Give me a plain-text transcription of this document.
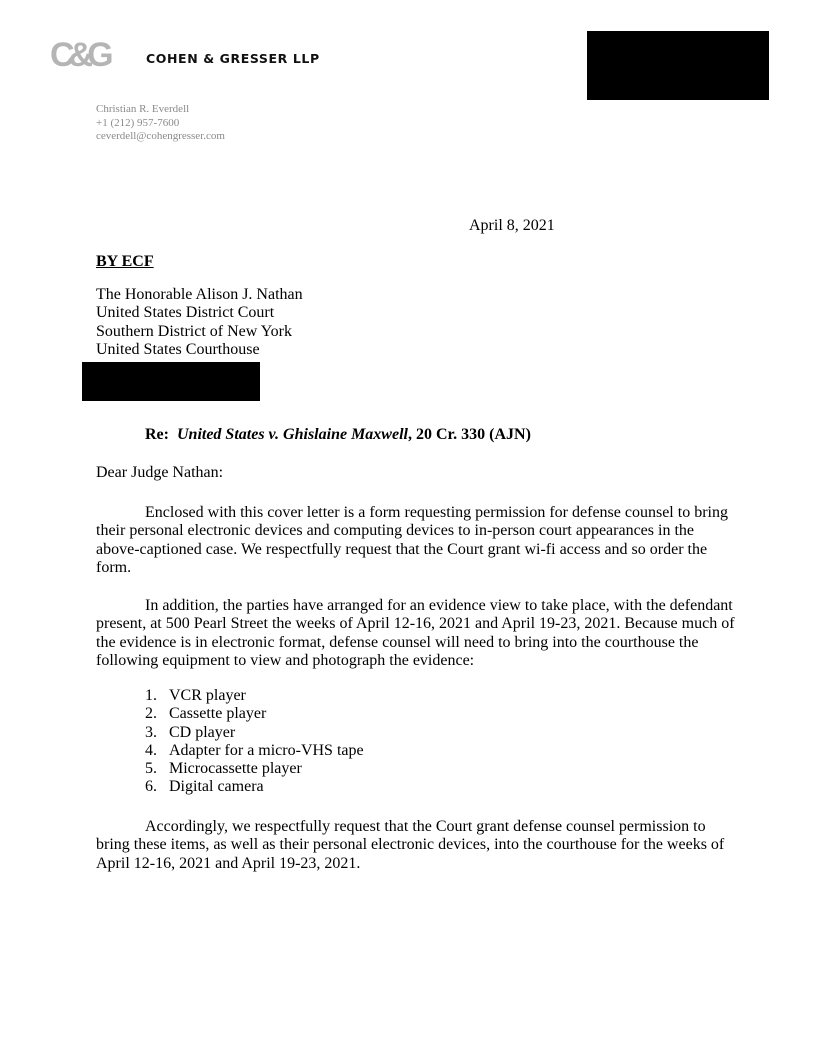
C&G	COHEN & GRESSER LLP
Christian R. Everdell
+1 (212) 957-7600
ceverdell@cohengresser.com
April 8, 2021
BY ECF
The Honorable Alison J. Nathan
United States District Court
Southern District of New York
United States Courthouse
Re: United States v. Ghislaine Maxwell, 20 Cr. 330 (AJN)
Dear Judge Nathan:
Enclosed with this cover letter is a form requesting permission for defense counsel to bring their personal electronic devices and computing devices to in-person court appearances in the above-captioned case. We respectfully request that the Court grant wi-fi access and so order the form.
In addition, the parties have arranged for an evidence view to take place, with the defendant present, at 500 Pearl Street the weeks of April 12-16, 2021 and April 19-23, 2021. Because much of the evidence is in electronic format, defense counsel will need to bring into the courthouse the following equipment to view and photograph the evidence:
1. VCR player
2. Cassette player
3. CD player
4. Adapter for a micro-VHS tape
5. Microcassette player
6. Digital camera
Accordingly, we respectfully request that the Court grant defense counsel permission to bring these items, as well as their personal electronic devices, into the courthouse for the weeks of April 12-16, 2021 and April 19-23, 2021.
